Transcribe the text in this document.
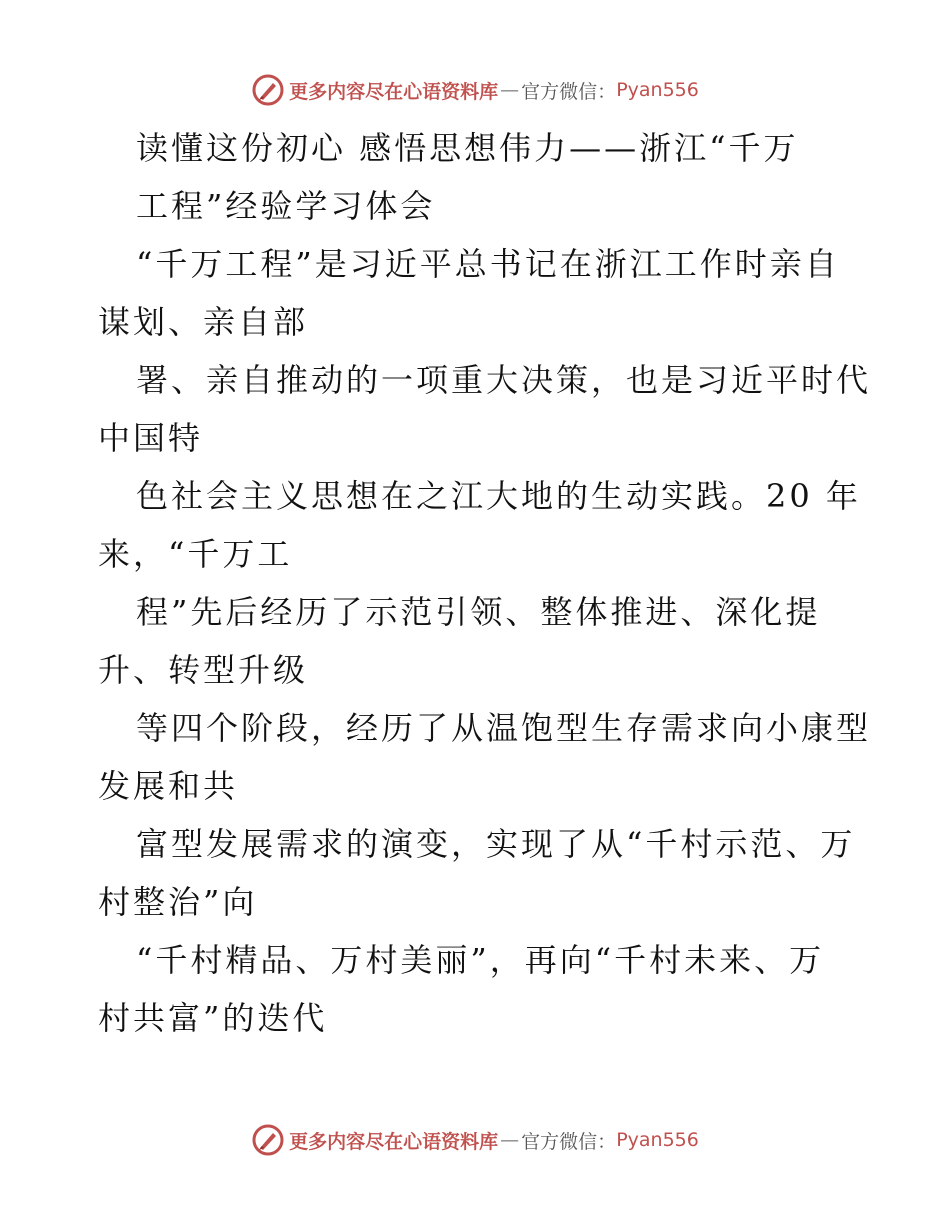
更多内容尽在心语资料库 — 官方微信： Pyan556
读懂这份初心 感悟思想伟力——浙江“千万
工程”经验学习体会
“千万工程”是习近平总书记在浙江工作时亲自
谋划、亲自部
署、亲自推动的一项重大决策，也是习近平时代
中国特
色社会主义思想在之江大地的生动实践。20 年
来，“千万工
程”先后经历了示范引领、整体推进、深化提
升、转型升级
等四个阶段，经历了从温饱型生存需求向小康型
发展和共
富型发展需求的演变，实现了从“千村示范、万
村整治”向
“千村精品、万村美丽”，再向“千村未来、万
村共富”的迭代
更多内容尽在心语资料库 — 官方微信： Pyan556
